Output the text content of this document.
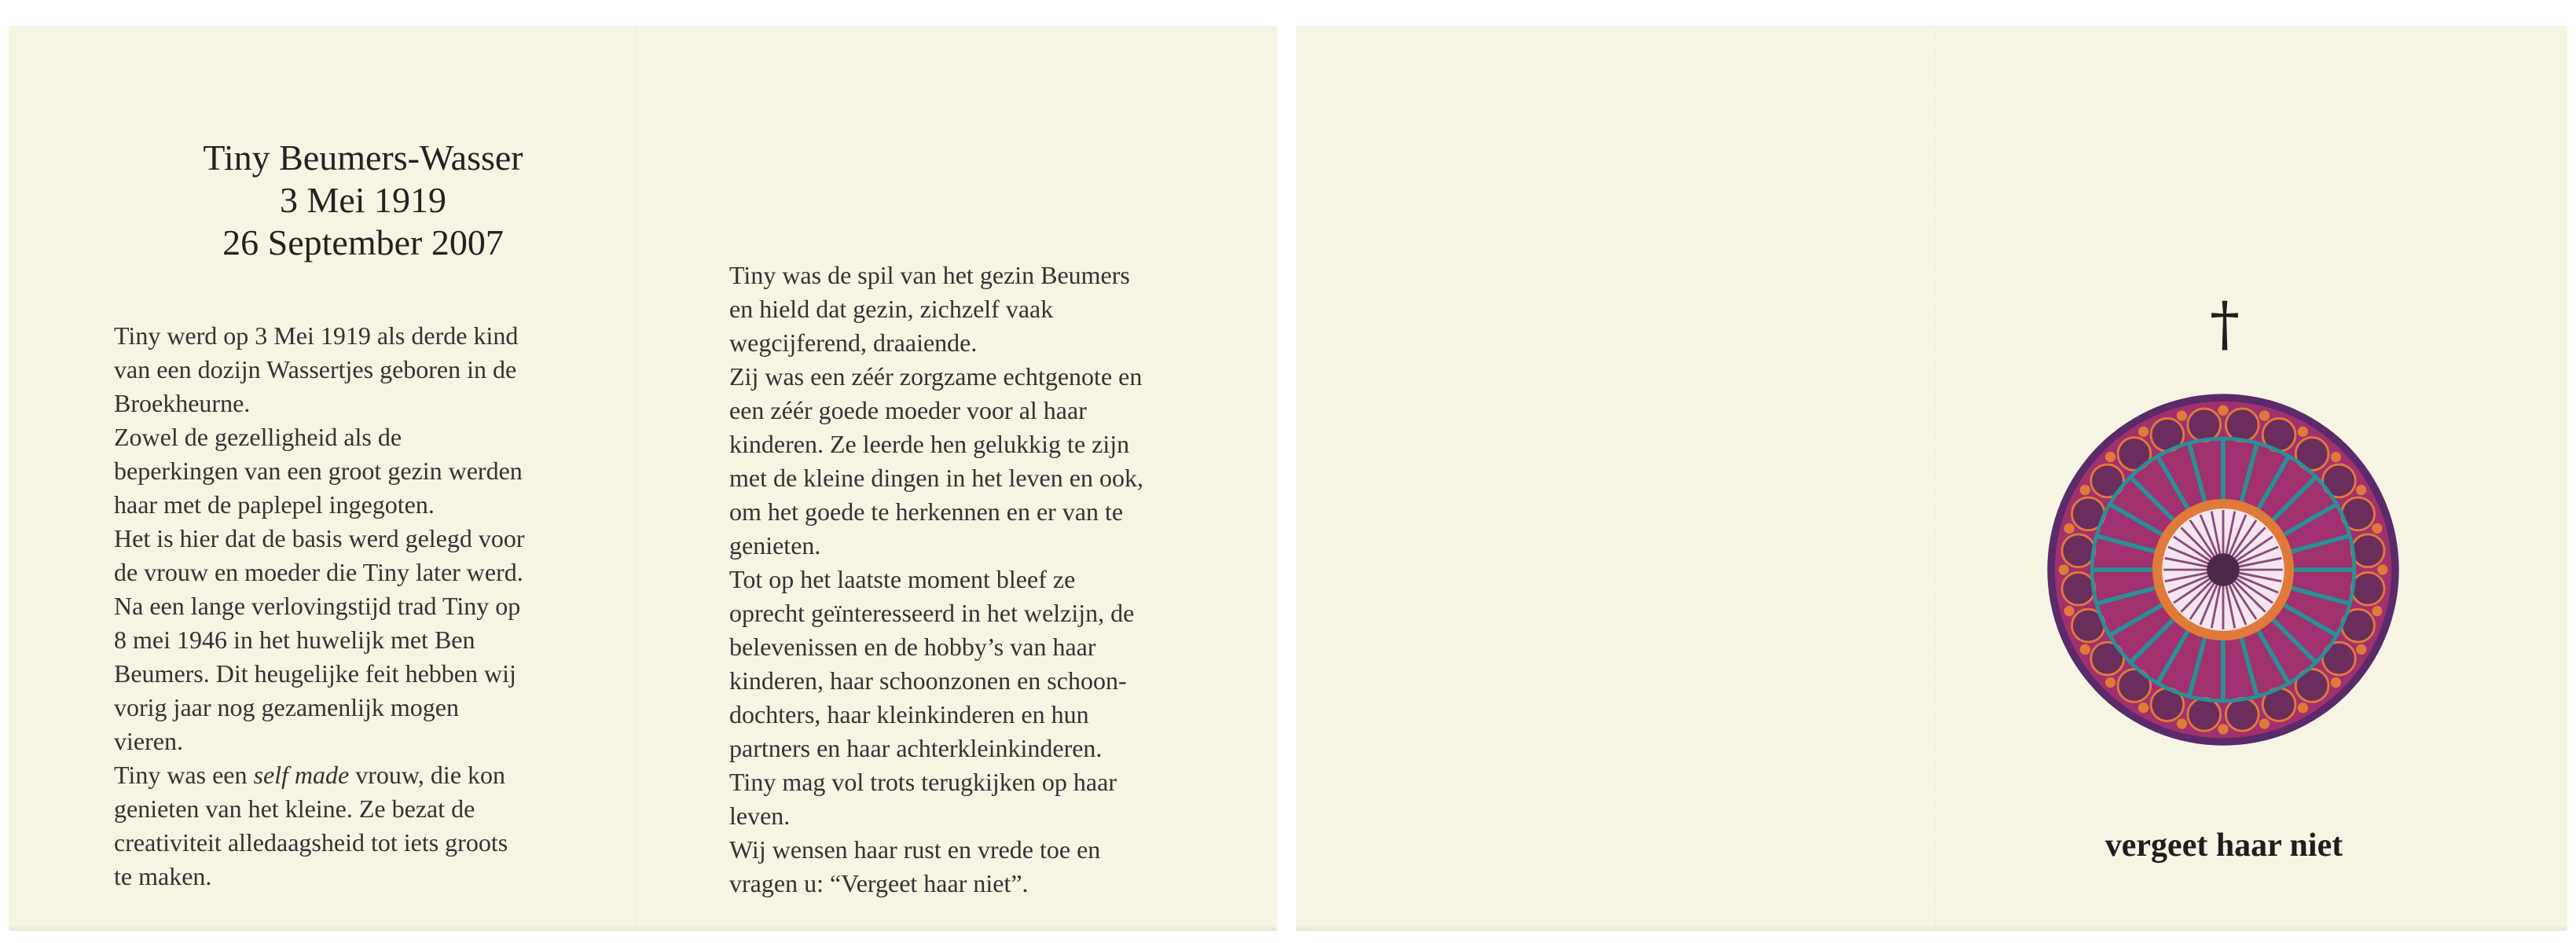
Tiny Beumers-Wasser
3 Mei 1919
26 September 2007
Tiny werd op 3 Mei 1919 als derde kind
van een dozijn Wassertjes geboren in de
Broekheurne.
Zowel de gezelligheid als de
beperkingen van een groot gezin werden
haar met de paplepel ingegoten.
Het is hier dat de basis werd gelegd voor
de vrouw en moeder die Tiny later werd.
Na een lange verlovingstijd trad Tiny op
8 mei 1946 in het huwelijk met Ben
Beumers. Dit heugelijke feit hebben wij
vorig jaar nog gezamenlijk mogen
vieren.
Tiny was een self made vrouw, die kon
genieten van het kleine. Ze bezat de
creativiteit alledaagsheid tot iets groots
te maken.
Tiny was de spil van het gezin Beumers
en hield dat gezin, zichzelf vaak
wegcijferend, draaiende.
Zij was een zéér zorgzame echtgenote en
een zéér goede moeder voor al haar
kinderen. Ze leerde hen gelukkig te zijn
met de kleine dingen in het leven en ook,
om het goede te herkennen en er van te
genieten.
Tot op het laatste moment bleef ze
oprecht geïnteresseerd in het welzijn, de
belevenissen en de hobby’s van haar
kinderen, haar schoonzonen en schoon-
dochters, haar kleinkinderen en hun
partners en haar achterkleinkinderen.
Tiny mag vol trots terugkijken op haar
leven.
Wij wensen haar rust en vrede toe en
vragen u: “Vergeet haar niet”.
†
vergeet haar niet
